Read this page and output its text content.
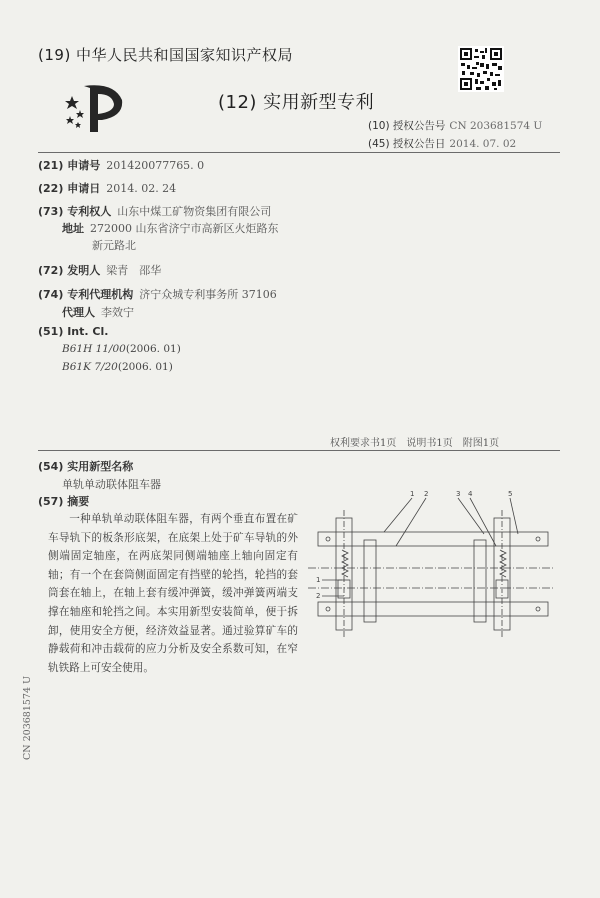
(19) 中华人民共和国国家知识产权局
(12) 实用新型专利
(10) 授权公告号 CN 203681574 U
(45) 授权公告日 2014. 07. 02
(21) 申请号 201420077765. 0
(22) 申请日 2014. 02. 24
(73) 专利权人 山东中煤工矿物资集团有限公司
地址 272000 山东省济宁市高新区火炬路东
新元路北
(72) 发明人 梁青　邵华
(74) 专利代理机构 济宁众城专利事务所 37106
代理人 李效宁
(51) Int. Cl.
B61H 11/00(2006. 01)
B61K 7/20(2006. 01)
权利要求书1页　说明书1页　附图1页
(54) 实用新型名称
单轨单动联体阻车器
(57) 摘要
一种单轨单动联体阻车器，有两个垂直布置在矿车导轨下的板条形底架，在底架上处于矿车导轨的外侧端固定轴座，在两底架同侧端轴座上轴向固定有轴；有一个在套筒侧面固定有挡壁的轮挡，轮挡的套筒套在轴上，在轴上套有缓冲弹簧，缓冲弹簧两端支撑在轴座和轮挡之间。本实用新型安装简单，便于拆卸，使用安全方便，经济效益显著。通过验算矿车的静载荷和冲击载荷的应力分析及安全系数可知，在窄轨铁路上可安全使用。
1 2	3 4	5
1
2
CN 203681574 U
